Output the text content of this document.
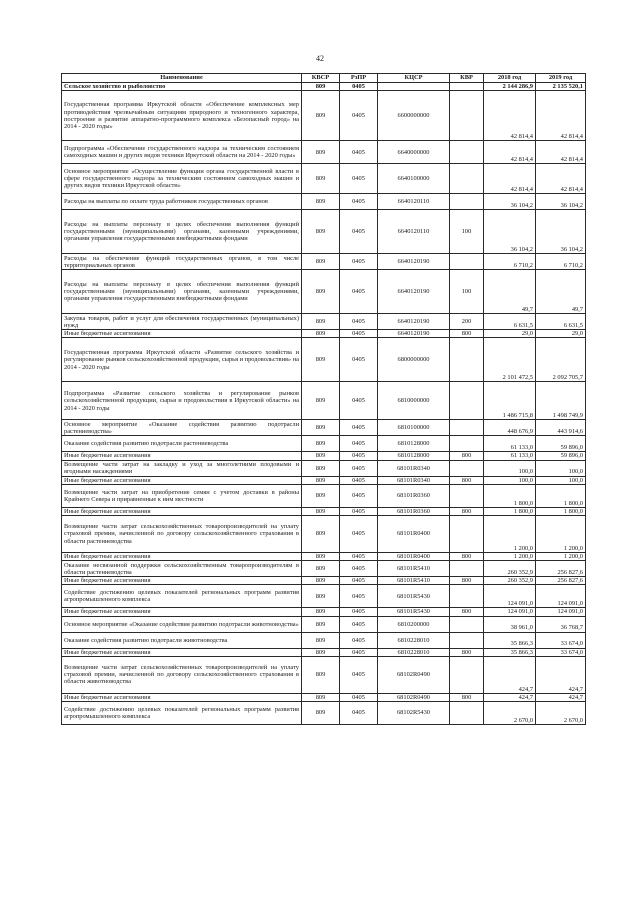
42
Наименование	КВСР	РзПР	КЦСР	КВР	2018 год	2019 год
Сельское хозяйство и рыболовство	809	0405			2 144 286,9	2 135 520,1
Государственная программа Иркутской области «Обеспечение комплексных мер противодействия чрезвычайным ситуациям природного и техногенного характера, построение и развитие аппаратно-программного комплекса «Безопасный город» на 2014 - 2020 годы»	809	0405	6600000000		42 814,4	42 814,4
Подпрограмма «Обеспечение государственного надзора за техническим состоянием самоходных машин и других видов техники Иркутской области на 2014 - 2020 годы»	809	0405	6640000000		42 814,4	42 814,4
Основное мероприятие «Осуществление функции органа государственной власти в сфере государственного надзора за техническим состоянием самоходных машин и других видов техники Иркутской области»	809	0405	6640100000		42 814,4	42 814,4
Расходы на выплаты по оплате труда работников государственных органов	809	0405	6640120110		36 104,2	36 104,2
Расходы на выплаты персоналу в целях обеспечения выполнения функций государственными (муниципальными) органами, казенными учреждениями, органами управления государственными внебюджетными фондами	809	0405	6640120110	100	36 104,2	36 104,2
Расходы на обеспечение функций государственных органов, в том числе территориальных органов	809	0405	6640120190		6 710,2	6 710,2
Расходы на выплаты персоналу в целях обеспечения выполнения функций государственными (муниципальными) органами, казенными учреждениями, органами управления государственными внебюджетными фондами	809	0405	6640120190	100	49,7	49,7
Закупка товаров, работ и услуг для обеспечения государственных (муниципальных) нужд	809	0405	6640120190	200	6 631,5	6 631,5
Иные бюджетные ассигнования	809	0405	6640120190	800	29,0	29,0
Государственная программа Иркутской области «Развитие сельского хозяйства и регулирование рынков сельскохозяйственной продукции, сырья и продовольствия» на 2014 - 2020 годы	809	0405	6800000000		2 101 472,5	2 092 705,7
Подпрограмма «Развитие сельского хозяйства и регулирование рынков сельскохозяйственной продукции, сырья и продовольствия в Иркутской области» на 2014 - 2020 годы	809	0405	6810000000		1 486 715,8	1 498 749,9
Основное мероприятие «Оказание содействия развитию подотрасли растениеводства»	809	0405	6810100000		448 676,9	443 914,6
Оказание содействия развитию подотрасли растениеводства	809	0405	6810128000		61 133,0	59 896,0
Иные бюджетные ассигнования	809	0405	6810128000	800	61 133,0	59 896,0
Возмещение части затрат на закладку и уход за многолетними плодовыми и ягодными насаждениями	809	0405	68101R0340		100,0	100,0
Иные бюджетные ассигнования	809	0405	68101R0340	800	100,0	100,0
Возмещение части затрат на приобретение семян с учетом доставки в районы Крайнего Севера и приравненные к ним местности	809	0405	68101R0360		1 800,0	1 800,0
Иные бюджетные ассигнования	809	0405	68101R0360	800	1 800,0	1 800,0
Возмещение части затрат сельскохозяйственных товаропроизводителей на уплату страховой премии, начисленной по договору сельскохозяйственного страхования в области растениеводства	809	0405	68101R0400		1 200,0	1 200,0
Иные бюджетные ассигнования	809	0405	68101R0400	800	1 200,0	1 200,0
Оказание несвязанной поддержки сельскохозяйственным товаропроизводителям в области растениеводства	809	0405	68101R5410		260 352,9	256 827,6
Иные бюджетные ассигнования	809	0405	68101R5410	800	260 352,9	256 827,6
Содействие достижению целевых показателей региональных программ развития агропромышленного комплекса	809	0405	68101R5430		124 091,0	124 091,0
Иные бюджетные ассигнования	809	0405	68101R5430	800	124 091,0	124 091,0
Основное мероприятие «Оказание содействия развитию подотрасли животноводства»	809	0405	6810200000		38 961,0	36 768,7
Оказание содействия развитию подотрасли животноводства	809	0405	6810228010		35 866,3	33 674,0
Иные бюджетные ассигнования	809	0405	6810228010	800	35 866,3	33 674,0
Возмещение части затрат сельскохозяйственных товаропроизводителей на уплату страховой премии, начисленной по договору сельскохозяйственного страхования в области животноводства	809	0405	68102R0490		424,7	424,7
Иные бюджетные ассигнования	809	0405	68102R0490	800	424,7	424,7
Содействие достижению целевых показателей региональных программ развития агропромышленного комплекса	809	0405	68102R5430		2 670,0	2 670,0
